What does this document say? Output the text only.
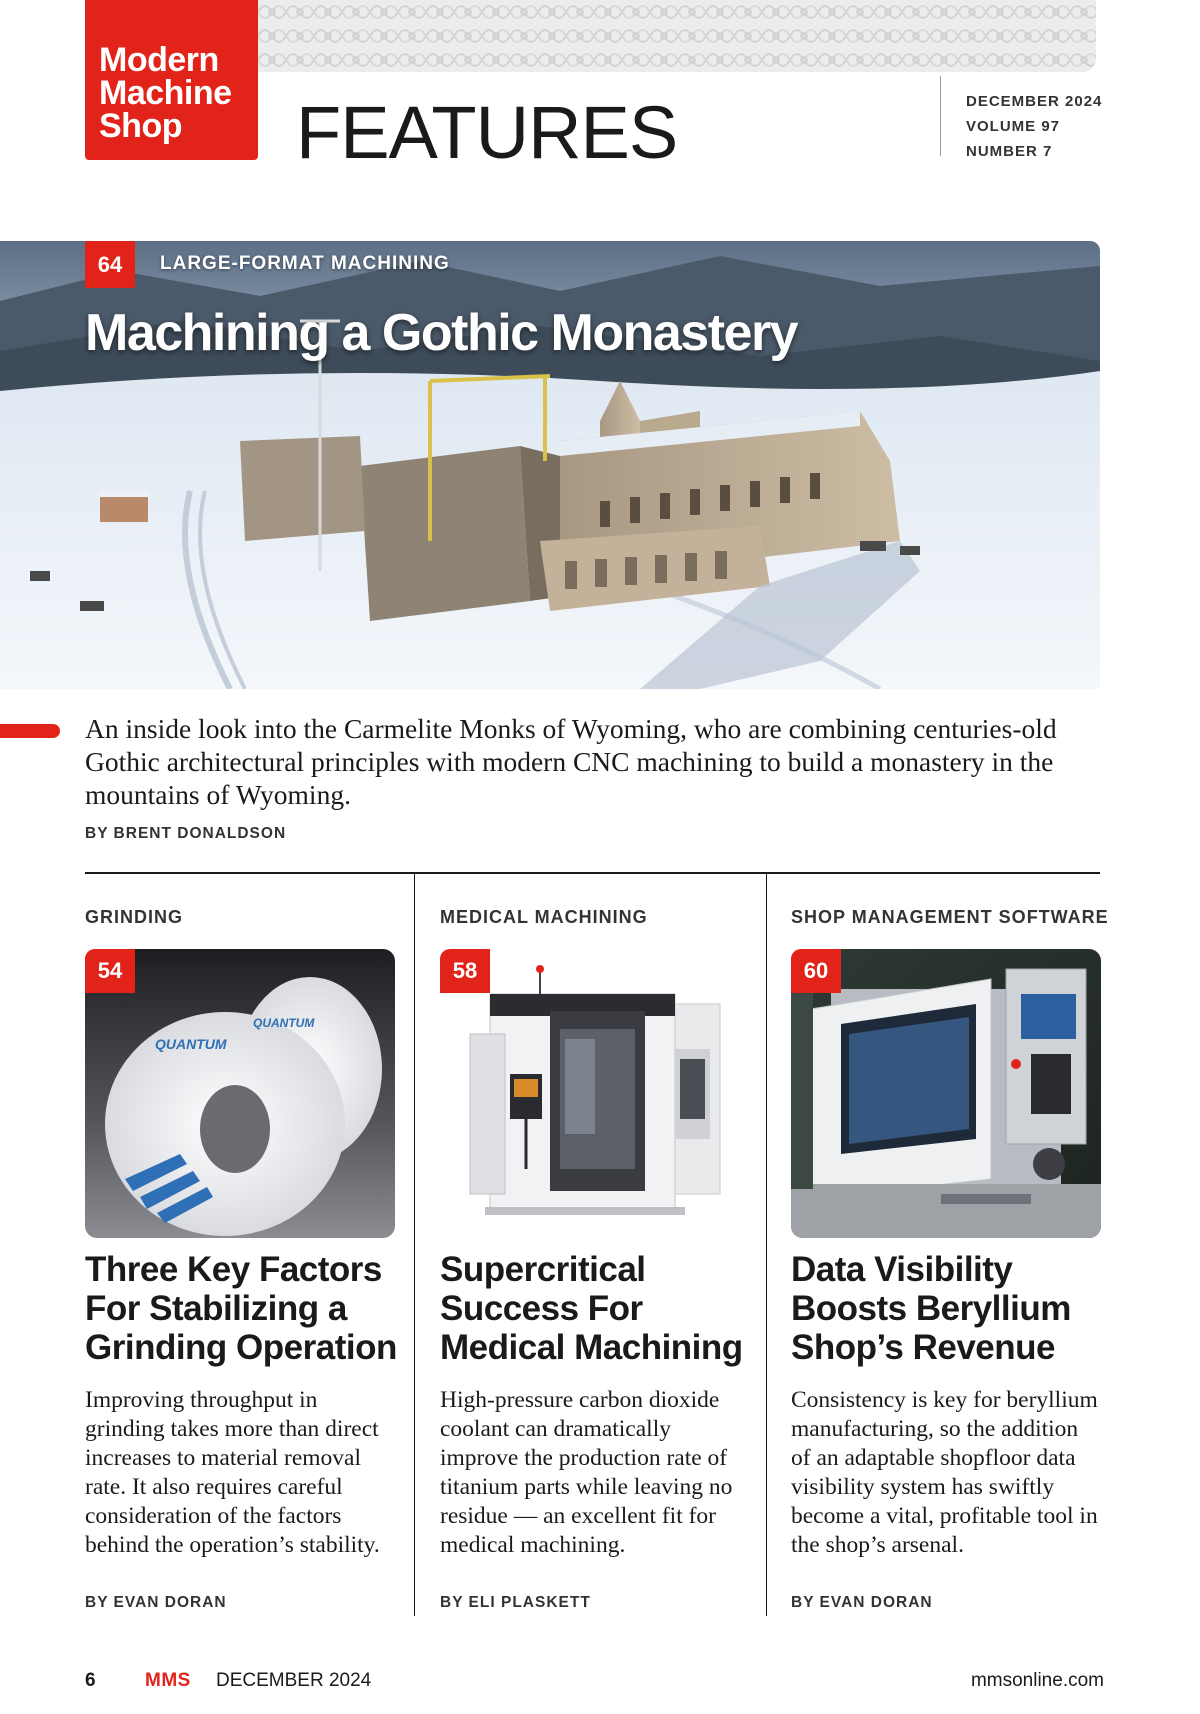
Modern
Machine
Shop	FEATURES	DECEMBER 2024
VOLUME 97
NUMBER 7
64	LARGE-FORMAT MACHINING
Machining a Gothic Monastery

An inside look into the Carmelite Monks of Wyoming, who are combining centuries-old Gothic architectural principles with modern CNC machining to build a monastery in the mountains of Wyoming.

BY BRENT DONALDSON
GRINDING
QUANTUM
QUANTUM
54
Three Key Factors For Stabilizing a Grinding Operation

Improving throughput in grinding takes more than direct increases to material removal rate. It also requires careful consideration of the factors behind the operation’s stability.

BY EVAN DORAN
MEDICAL MACHINING
58
Supercritical Success For Medical Machining

High-pressure carbon dioxide coolant can dramatically improve the production rate of titanium parts while leaving no residue — an excellent fit for medical machining.

BY ELI PLASKETT
SHOP MANAGEMENT SOFTWARE
60
Data Visibility Boosts Beryllium Shop’s Revenue

Consistency is key for beryllium manufacturing, so the addition of an adaptable shopfloor data visibility system has swiftly become a vital, profitable tool in the shop’s arsenal.

BY EVAN DORAN
6	MMS DECEMBER 2024	mmsonline.com
